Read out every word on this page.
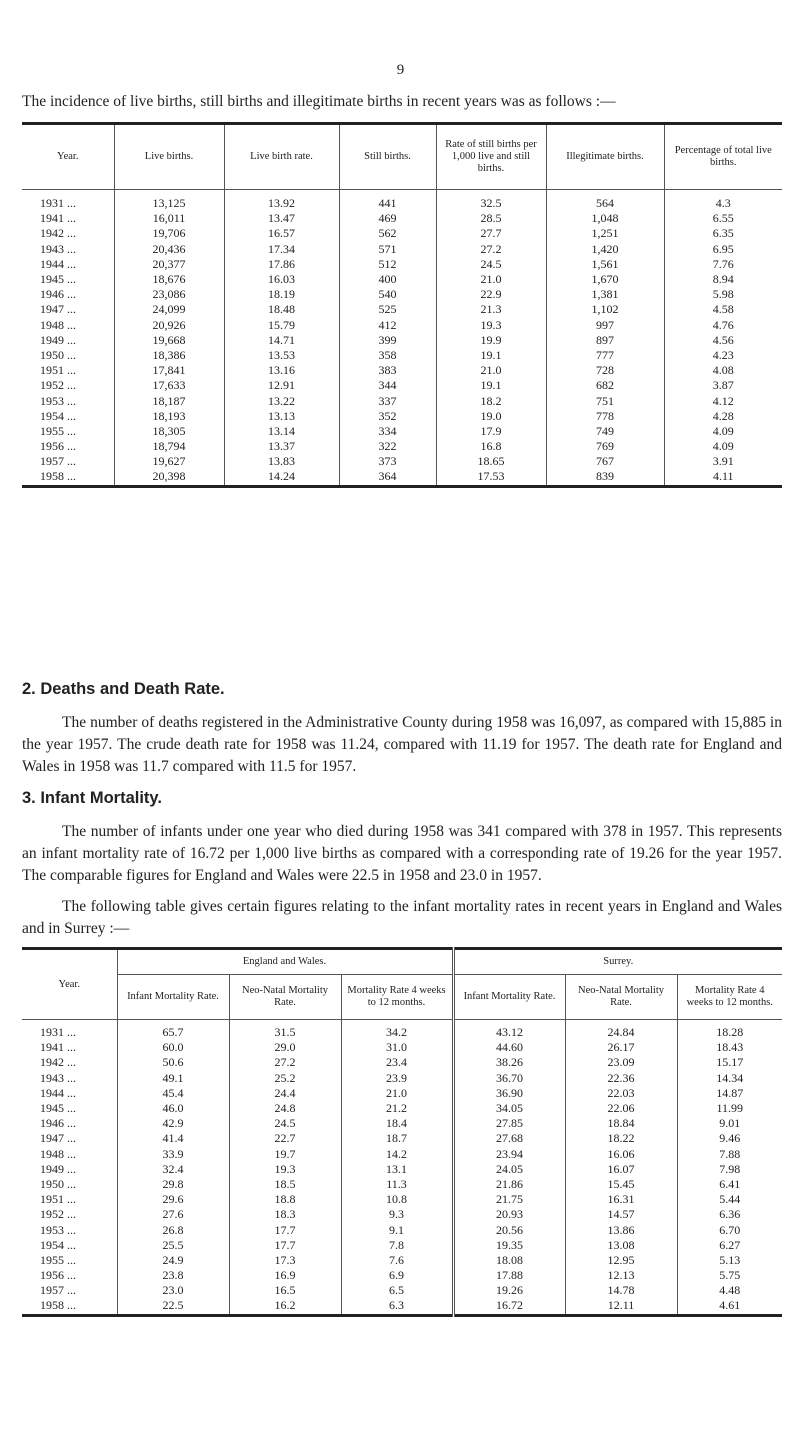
9
The incidence of live births, still births and illegitimate births in recent years was as follows :—
Year.	Live births.	Live birth rate.	Still births.	Rate of still births per 1,000 live and still births.	Illegitimate births.	Percentage of total live births.
1931 ...	13,125	13.92	441	32.5	564	4.3
1941 ...	16,011	13.47	469	28.5	1,048	6.55
1942 ...	19,706	16.57	562	27.7	1,251	6.35
1943 ...	20,436	17.34	571	27.2	1,420	6.95
1944 ...	20,377	17.86	512	24.5	1,561	7.76
1945 ...	18,676	16.03	400	21.0	1,670	8.94
1946 ...	23,086	18.19	540	22.9	1,381	5.98
1947 ...	24,099	18.48	525	21.3	1,102	4.58
1948 ...	20,926	15.79	412	19.3	997	4.76
1949 ...	19,668	14.71	399	19.9	897	4.56
1950 ...	18,386	13.53	358	19.1	777	4.23
1951 ...	17,841	13.16	383	21.0	728	4.08
1952 ...	17,633	12.91	344	19.1	682	3.87
1953 ...	18,187	13.22	337	18.2	751	4.12
1954 ...	18,193	13.13	352	19.0	778	4.28
1955 ...	18,305	13.14	334	17.9	749	4.09
1956 ...	18,794	13.37	322	16.8	769	4.09
1957 ...	19,627	13.83	373	18.65	767	3.91
1958 ...	20,398	14.24	364	17.53	839	4.11
2. Deaths and Death Rate.

The number of deaths registered in the Administrative County during 1958 was 16,097, as compared with 15,885 in the year 1957. The crude death rate for 1958 was 11.24, compared with 11.19 for 1957. The death rate for England and Wales in 1958 was 11.7 compared with 11.5 for 1957.

3. Infant Mortality.

The number of infants under one year who died during 1958 was 341 compared with 378 in 1957. This represents an infant mortality rate of 16.72 per 1,000 live births as compared with a corresponding rate of 19.26 for the year 1957. The comparable figures for England and Wales were 22.5 in 1958 and 23.0 in 1957.

The following table gives certain figures relating to the infant mortality rates in recent years in England and Wales and in Surrey :—

Year.	England and Wales.			Surrey.		
	Infant Mortality Rate.	Neo-Natal Mortality Rate.	Mortality Rate 4 weeks to 12 months.	Infant Mortality Rate.	Neo-Natal Mortality Rate.	Mortality Rate 4 weeks to 12 months.
1931 ...	65.7	31.5	34.2	43.12	24.84	18.28
1941 ...	60.0	29.0	31.0	44.60	26.17	18.43
1942 ...	50.6	27.2	23.4	38.26	23.09	15.17
1943 ...	49.1	25.2	23.9	36.70	22.36	14.34
1944 ...	45.4	24.4	21.0	36.90	22.03	14.87
1945 ...	46.0	24.8	21.2	34.05	22.06	11.99
1946 ...	42.9	24.5	18.4	27.85	18.84	9.01
1947 ...	41.4	22.7	18.7	27.68	18.22	9.46
1948 ...	33.9	19.7	14.2	23.94	16.06	7.88
1949 ...	32.4	19.3	13.1	24.05	16.07	7.98
1950 ...	29.8	18.5	11.3	21.86	15.45	6.41
1951 ...	29.6	18.8	10.8	21.75	16.31	5.44
1952 ...	27.6	18.3	9.3	20.93	14.57	6.36
1953 ...	26.8	17.7	9.1	20.56	13.86	6.70
1954 ...	25.5	17.7	7.8	19.35	13.08	6.27
1955 ...	24.9	17.3	7.6	18.08	12.95	5.13
1956 ...	23.8	16.9	6.9	17.88	12.13	5.75
1957 ...	23.0	16.5	6.5	19.26	14.78	4.48
1958 ...	22.5	16.2	6.3	16.72	12.11	4.61
